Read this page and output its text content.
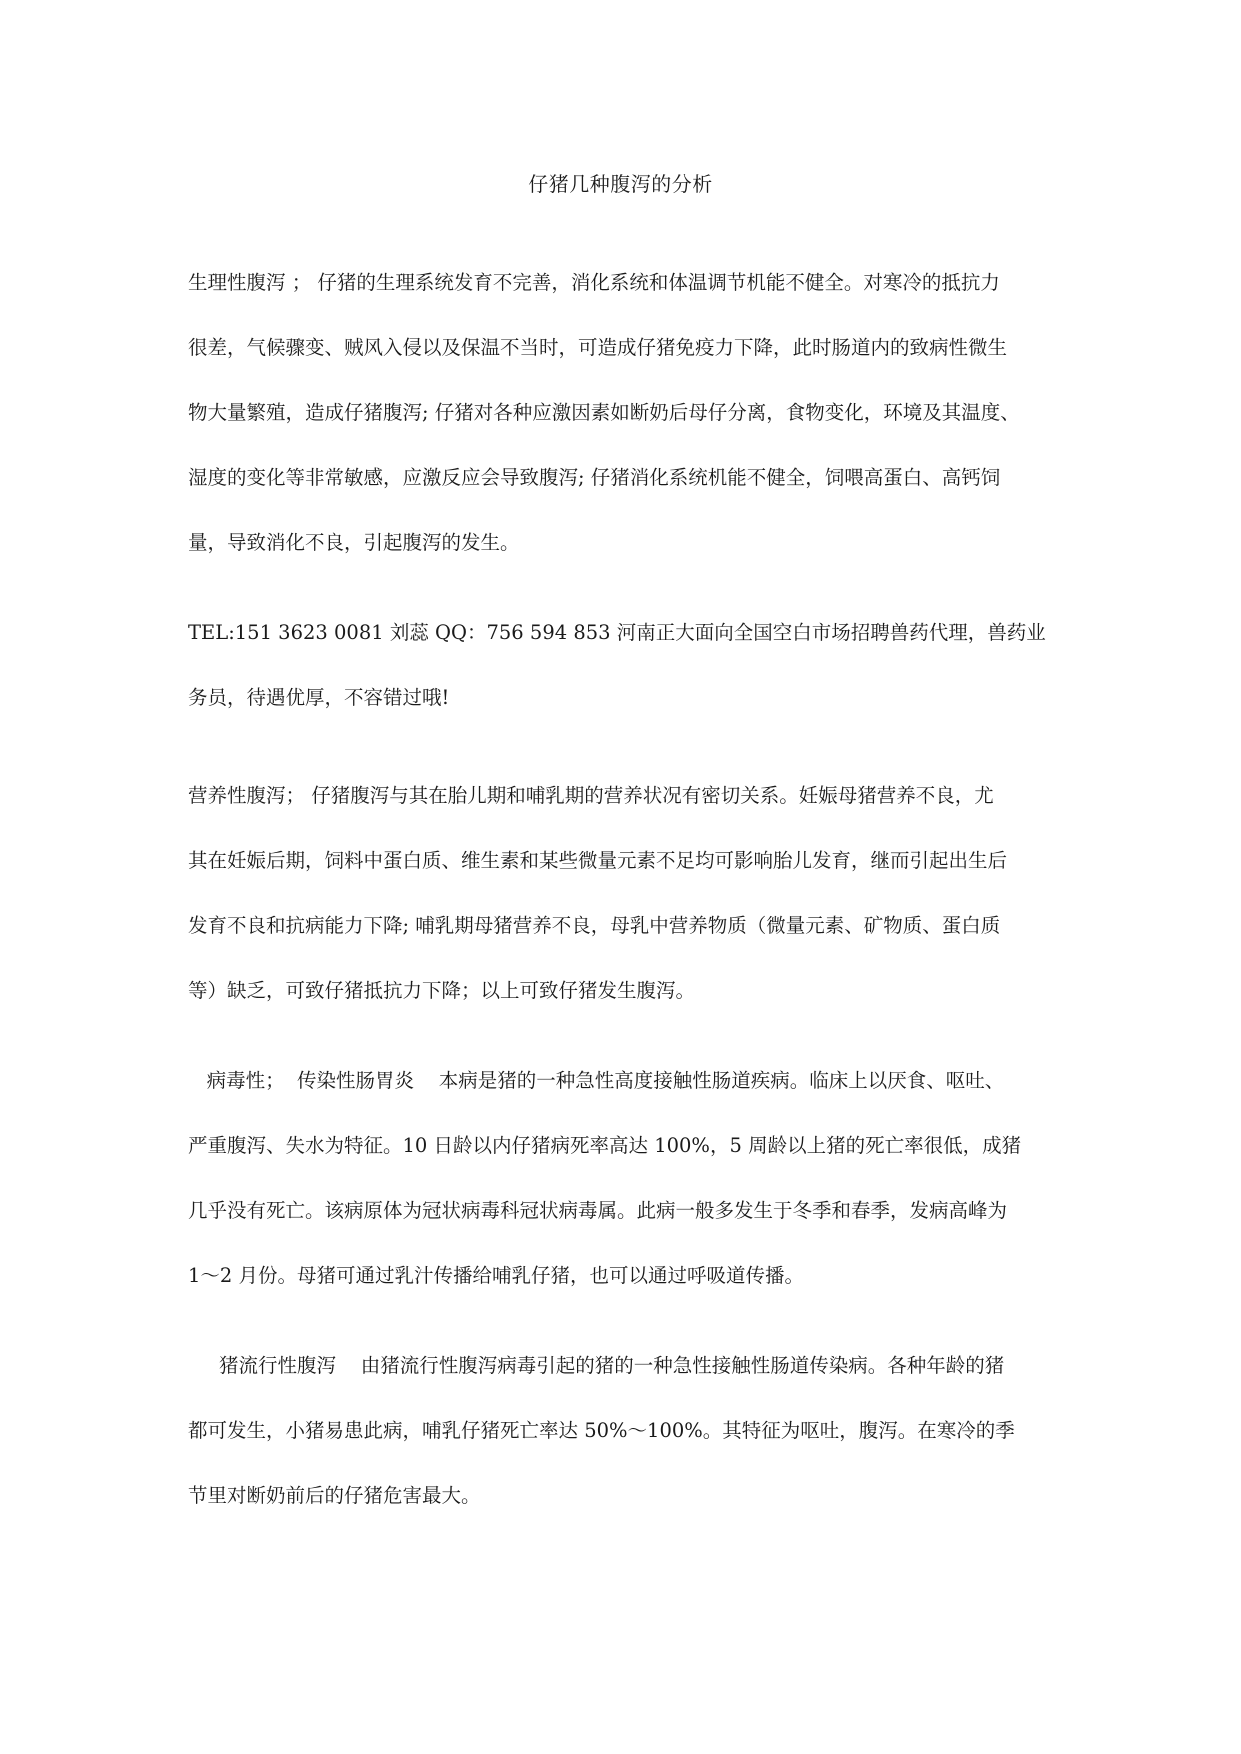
仔猪几种腹泻的分析
生理性腹泻 ； 仔猪的生理系统发育不完善，消化系统和体温调节机能不健全。对寒冷的抵抗力
很差，气候骤变、贼风入侵以及保温不当时，可造成仔猪免疫力下降，此时肠道内的致病性微生
物大量繁殖，造成仔猪腹泻; 仔猪对各种应激因素如断奶后母仔分离，食物变化，环境及其温度、
湿度的变化等非常敏感，应激反应会导致腹泻; 仔猪消化系统机能不健全，饲喂高蛋白、高钙饲
量，导致消化不良，引起腹泻的发生。
TEL:151 3623 0081 刘蕊 QQ：756 594 853 河南正大面向全国空白市场招聘兽药代理，兽药业
务员，待遇优厚，不容错过哦!
营养性腹泻； 仔猪腹泻与其在胎儿期和哺乳期的营养状况有密切关系。妊娠母猪营养不良，尤
其在妊娠后期，饲料中蛋白质、维生素和某些微量元素不足均可影响胎儿发育，继而引起出生后
发育不良和抗病能力下降; 哺乳期母猪营养不良，母乳中营养物质（微量元素、矿物质、蛋白质
等）缺乏，可致仔猪抵抗力下降；以上可致仔猪发生腹泻。
病毒性；  传染性肠胃炎    本病是猪的一种急性高度接触性肠道疾病。临床上以厌食、呕吐、
严重腹泻、失水为特征。10 日龄以内仔猪病死率高达 100%，5 周龄以上猪的死亡率很低，成猪
几乎没有死亡。该病原体为冠状病毒科冠状病毒属。此病一般多发生于冬季和春季，发病高峰为
1～2 月份。母猪可通过乳汁传播给哺乳仔猪，也可以通过呼吸道传播。
猪流行性腹泻    由猪流行性腹泻病毒引起的猪的一种急性接触性肠道传染病。各种年龄的猪
都可发生，小猪易患此病，哺乳仔猪死亡率达 50%～100%。其特征为呕吐，腹泻。在寒冷的季
节里对断奶前后的仔猪危害最大。
